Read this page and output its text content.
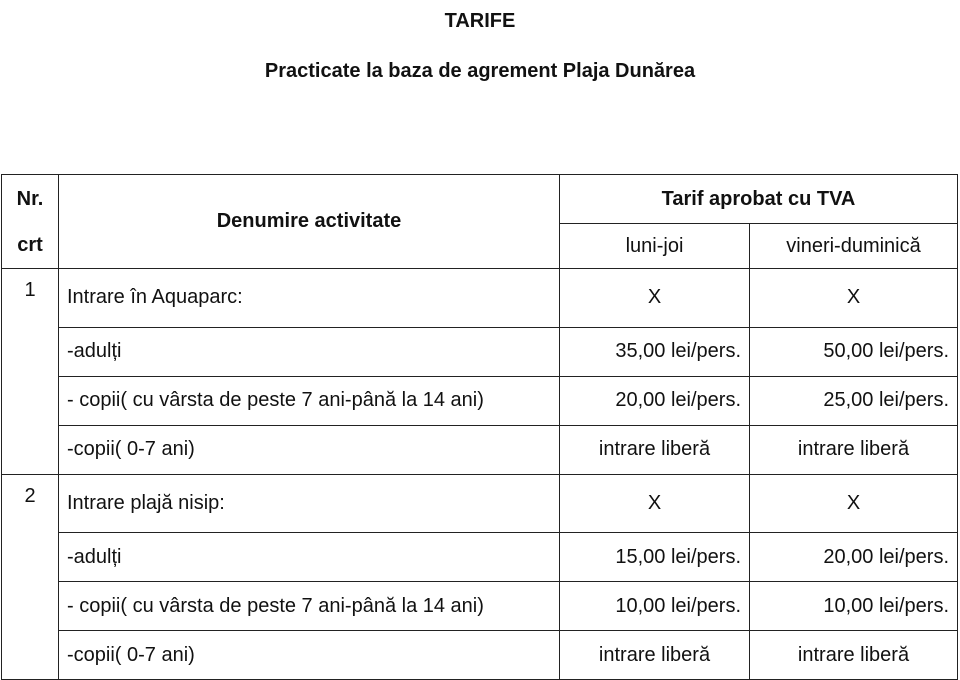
TARIFE
Practicate la baza de agrement Plaja Dunărea
Nr.
crt	Denumire activitate	Tarif aprobat cu TVA	
		luni-joi	vineri-duminică
1	Intrare în Aquaparc:	X	X
	-adulți	35,00 lei/pers.	50,00 lei/pers.
	- copii( cu vârsta de peste 7 ani-până la 14 ani)	20,00 lei/pers.	25,00 lei/pers.
	-copii( 0-7 ani)	intrare liberă	intrare liberă
2	Intrare plajă nisip:	X	X
	-adulți	15,00 lei/pers.	20,00 lei/pers.
	- copii( cu vârsta de peste 7 ani-până la 14 ani)	10,00 lei/pers.	10,00 lei/pers.
	-copii( 0-7 ani)	intrare liberă	intrare liberă
